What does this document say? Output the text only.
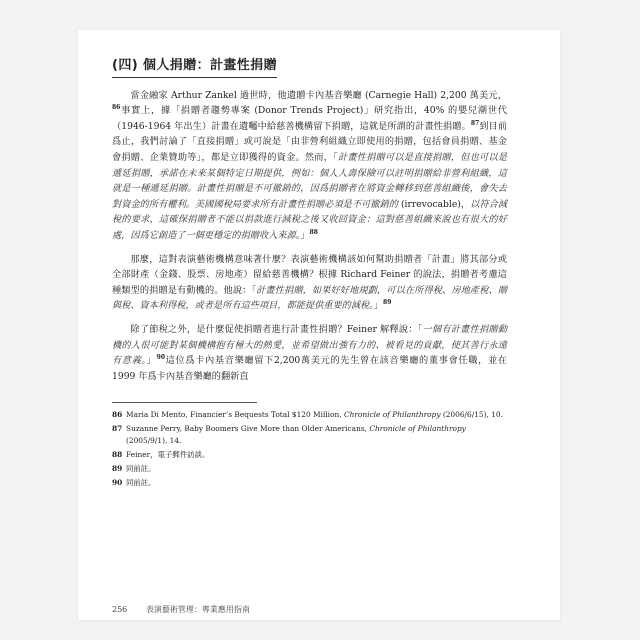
(四) 個人捐贈：計畫性捐贈

當金融家 Arthur Zankel 過世時，他遺贈卡內基音樂廳 (Carnegie Hall) 2,200 萬美元，$^{86}$事實上，據「捐贈者趨勢專案 (Donor Trends Project)」研究指出，40% 的嬰兒潮世代（1946-1964 年出生）計畫在遺囑中給慈善機構留下捐贈，這就是所謂的計畫性捐贈。$^{87}$到目前爲止，我們討論了「直接捐贈」或可說是「由非營利組織立即使用的捐贈，包括會員捐贈、基金會捐贈、企業贊助等」，都是立即獲得的資金。然而，「計畫性捐贈可以是直接捐贈，但也可以是遞延捐贈，承諾在未來某個特定日期提供，例如：個人人壽保險可以註明捐贈給非營利組織，這就是一種遞延捐贈。計畫性捐贈是不可撤銷的，因爲捐贈者在將資金轉移到慈善組織後，會失去對資金的所有權利。美國國稅局要求所有計畫性捐贈必須是不可撤銷的 (irrevocable)，以符合減稅的要求，這確保捐贈者不能以捐款進行減稅之後又收回資金：這對慈善組織來說也有很大的好處，因爲它創造了一個更穩定的捐贈收入來源。」$^{88}$

那麼，這對表演藝術機構意味著什麼？表演藝術機構該如何幫助捐贈者「計畫」將其部分或全部財產（金錢、股票、房地產）留給慈善機構？根據 Richard Feiner 的說法，捐贈者考慮這種類型的捐贈是有動機的。他說：「計畫性捐贈，如果好好地規劃，可以在所得稅、房地產稅、贈與稅、資本利得稅，或者是所有這些項目，都能提供重要的減稅。」$^{89}$

除了節稅之外，是什麼促使捐贈者進行計畫性捐贈？Feiner 解釋說：「一個有計畫性捐贈動機的人很可能對某個機構抱有極大的熱愛，並希望做出強有力的、被看見的貢獻，使其善行永遠有意義。」$^{90}$這位爲卡內基音樂廳留下2,200萬美元的先生曾在該音樂廳的董事會任職，並在 1999 年爲卡內基音樂廳的翻新直

86 Maria Di Mento, Financier’s Bequests Total $120 Million, Chronicle of Philanthropy (2006/6/15), 10.
87 Suzanne Perry, Baby Boomers Give More than Older Americans, Chronicle of Philanthropy (2005/9/1), 14.
88 Feiner，電子郵件訪談。
89 同前註。
90 同前註。
256 表演藝術管理：專業應用指南
